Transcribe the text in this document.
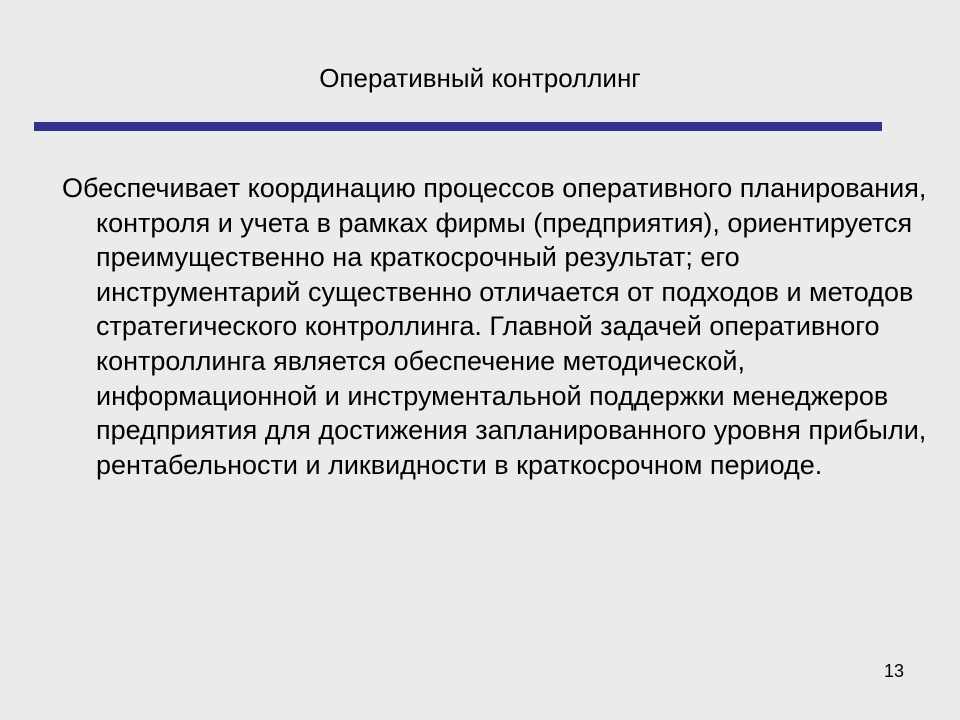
Оперативный контроллинг

Обеспечивает координацию процессов оперативного планирования, контроля и учета в рамках фирмы (предприятия), ориентируется преимущественно на краткосрочный результат; его инструментарий существенно отличается от подходов и методов стратегического контроллинга. Главной задачей оперативного контроллинга является обеспечение методической, информационной и инструментальной поддержки менеджеров предприятия для достижения запланированного уровня прибыли, рентабельности и ликвидности в краткосрочном периоде.

13
